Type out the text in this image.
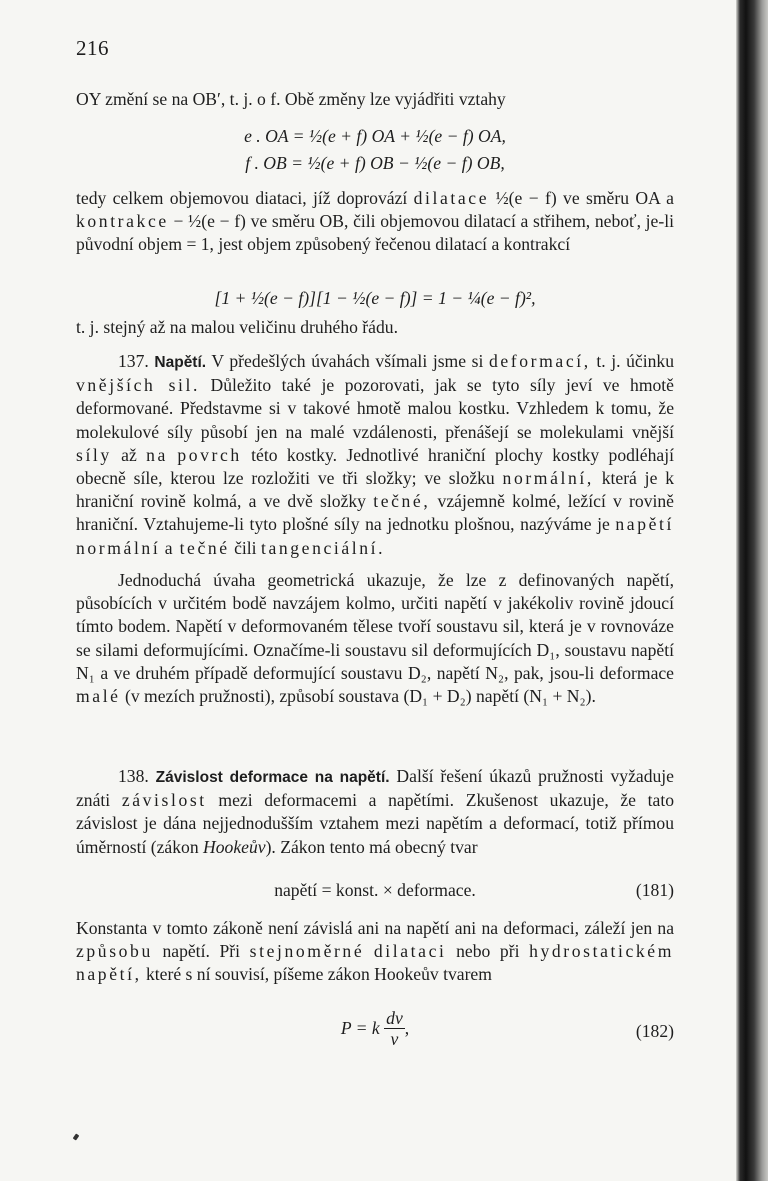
216
OY změní se na OB′, t. j. o f. Obě změny lze vyjádřiti vztahy
e . OA = ½(e + f) OA + ½(e − f) OA,
f . OB = ½(e + f) OB − ½(e − f) OB,
tedy celkem objemovou diataci, jíž doprovází dilatace ½(e − f) ve směru OA a kontrakce − ½(e − f) ve směru OB, čili objemovou dilatací a střihem, neboť, je-li původní objem = 1, jest objem způsobený řečenou dilatací a kontrakcí
[1 + ½(e − f)][1 − ½(e − f)] = 1 − ¼(e − f)²,
t. j. stejný až na malou veličinu druhého řádu.
137. Napětí. V předešlých úvahách všímali jsme si deformací, t. j. účinku vnějších sil. Důležito také je pozorovati, jak se tyto síly jeví ve hmotě deformované. Představme si v takové hmotě malou kostku. Vzhledem k tomu, že molekulové síly působí jen na malé vzdálenosti, přenášejí se molekulami vnější síly až na povrch této kostky. Jednotlivé hraniční plochy kostky podléhají obecně síle, kterou lze rozložiti ve tři složky; ve složku normální, která je k hraniční rovině kolmá, a ve dvě složky tečné, vzájemně kolmé, ležící v rovině hraniční. Vztahujeme-li tyto plošné síly na jednotku plošnou, nazýváme je napětí normální a tečné čili tangenciální.
Jednoduchá úvaha geometrická ukazuje, že lze z definovaných napětí, působících v určitém bodě navzájem kolmo, určiti napětí v jakékoliv rovině jdoucí tímto bodem. Napětí v deformovaném tělese tvoří soustavu sil, která je v rovnováze se silami deformujícími. Označíme-li soustavu sil deformujících D₁, soustavu napětí N₁ a ve druhém případě deformující soustavu D₂, napětí N₂, pak, jsou-li deformace malé (v mezích pružnosti), způsobí soustava (D₁ + D₂) napětí (N₁ + N₂).
138. Závislost deformace na napětí. Další řešení úkazů pružnosti vyžaduje znáti závislost mezi deformacemi a napětími. Zkušenost ukazuje, že tato závislost je dána nejjednodušším vztahem mezi napětím a deformací, totiž přímou úměrností (zákon Hookeův). Zákon tento má obecný tvar
napětí = konst. × deformace.	(181)
Konstanta v tomto zákoně není závislá ani na napětí ani na deformaci, záleží jen na způsobu napětí. Při stejnoměrné dilataci nebo při hydrostatickém napětí, které s ní souvisí, píšeme zákon Hookeův tvarem
P = k $\frac{dv}{v}$ ,	(182)
